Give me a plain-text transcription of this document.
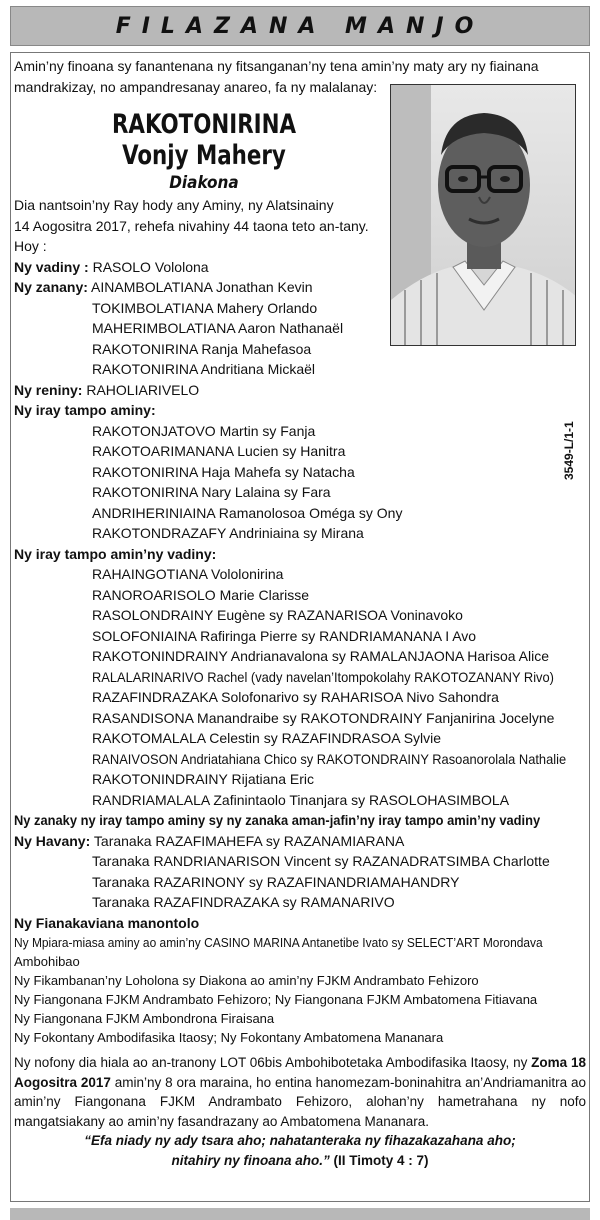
FILAZANA MANJO

Amin’ny finoana sy fanantenana ny fitsanganan’ny tena amin’ny maty ary ny fiainana mandrakizay, no ampandresanay anareo, fa ny malalanay:

RAKOTONIRINA
Vonjy Mahery
Diakona
Dia nantsoin’ny Ray hody any Aminy, ny Alatsinainy
14 Aogositra 2017, rehefa nivahiny 44 taona teto an-tany.
Hoy :
Ny vadiny : RASOLO Vololona
Ny zanany: AINAMBOLATIANA Jonathan Kevin
TOKIMBOLATIANA Mahery Orlando
MAHERIMBOLATIANA Aaron Nathanaël
RAKOTONIRINA Ranja Mahefasoa
RAKOTONIRINA Andritiana Mickaël
Ny reniny: RAHOLIARIVELO
Ny iray tampo aminy:
RAKOTONJATOVO Martin sy Fanja
RAKOTOARIMANANA Lucien sy Hanitra
RAKOTONIRINA Haja Mahefa sy Natacha
RAKOTONIRINA Nary Lalaina sy Fara
ANDRIHERINIAINA Ramanolosoa Oméga sy Ony
RAKOTONDRAZAFY Andriniaina sy Mirana
Ny iray tampo amin’ny vadiny:
RAHAINGOTIANA Vololonirina
RANOROARISOLO Marie Clarisse
RASOLONDRAINY Eugène sy RAZANARISOA Voninavoko
SOLOFONIAINA Rafiringa Pierre sy RANDRIAMANANA I Avo
RAKOTONINDRAINY Andrianavalona sy RAMALANJAONA Harisoa Alice
RALALARINARIVO Rachel (vady navelan’Itompokolahy RAKOTOZANANY Rivo)
RAZAFINDRAZAKA Solofonarivo sy RAHARISOA Nivo Sahondra
RASANDISONA Manandraibe sy RAKOTONDRAINY Fanjanirina Jocelyne
RAKOTOMALALA Celestin sy RAZAFINDRASOA Sylvie
RANAIVOSON Andriatahiana Chico sy RAKOTONDRAINY Rasoanorolala Nathalie
RAKOTONINDRAINY Rijatiana Eric
RANDRIAMALALA Zafinintaolo Tinanjara sy RASOLOHASIMBOLA
Ny zanaky ny iray tampo aminy sy ny zanaka aman-jafin’ny iray tampo amin’ny vadiny
Ny Havany: Taranaka RAZAFIMAHEFA sy RAZANAMIARANA
Taranaka RANDRIANARISON Vincent sy RAZANADRATSIMBA Charlotte
Taranaka RAZARINONY sy RAZAFINANDRIAMAHANDRY
Taranaka RAZAFINDRAZAKA sy RAMANARIVO
Ny Fianakaviana manontolo
Ny Mpiara-miasa aminy ao amin’ny CASINO MARINA Antanetibe Ivato sy SELECT’ART Morondava
Ambohibao
Ny Fikambanan’ny Loholona sy Diakona ao amin’ny FJKM Andrambato Fehizoro
Ny Fiangonana FJKM Andrambato Fehizoro; Ny Fiangonana FJKM Ambatomena Fitiavana
Ny Fiangonana FJKM Ambondrona Firaisana
Ny Fokontany Ambodifasika Itaosy; Ny Fokontany Ambatomena Mananara
Ny nofony dia hiala ao an-tranony LOT 06bis Ambohibotetaka Ambodifasika Itaosy, ny Zoma 18 Aogositra 2017 amin’ny 8 ora maraina, ho entina hanomezam-boninahitra an’Andriamanitra ao amin’ny Fiangonana FJKM Andrambato Fehizoro, alohan’ny hametrahana ny nofo mangatsiakany ao amin’ny fasandrazany ao Ambatomena Mananara.
“Efa niady ny ady tsara aho; nahatanteraka ny fihazakazahana aho;
nitahiry ny finoana aho.” (II Timoty 4 : 7)
3549-L/1-1
